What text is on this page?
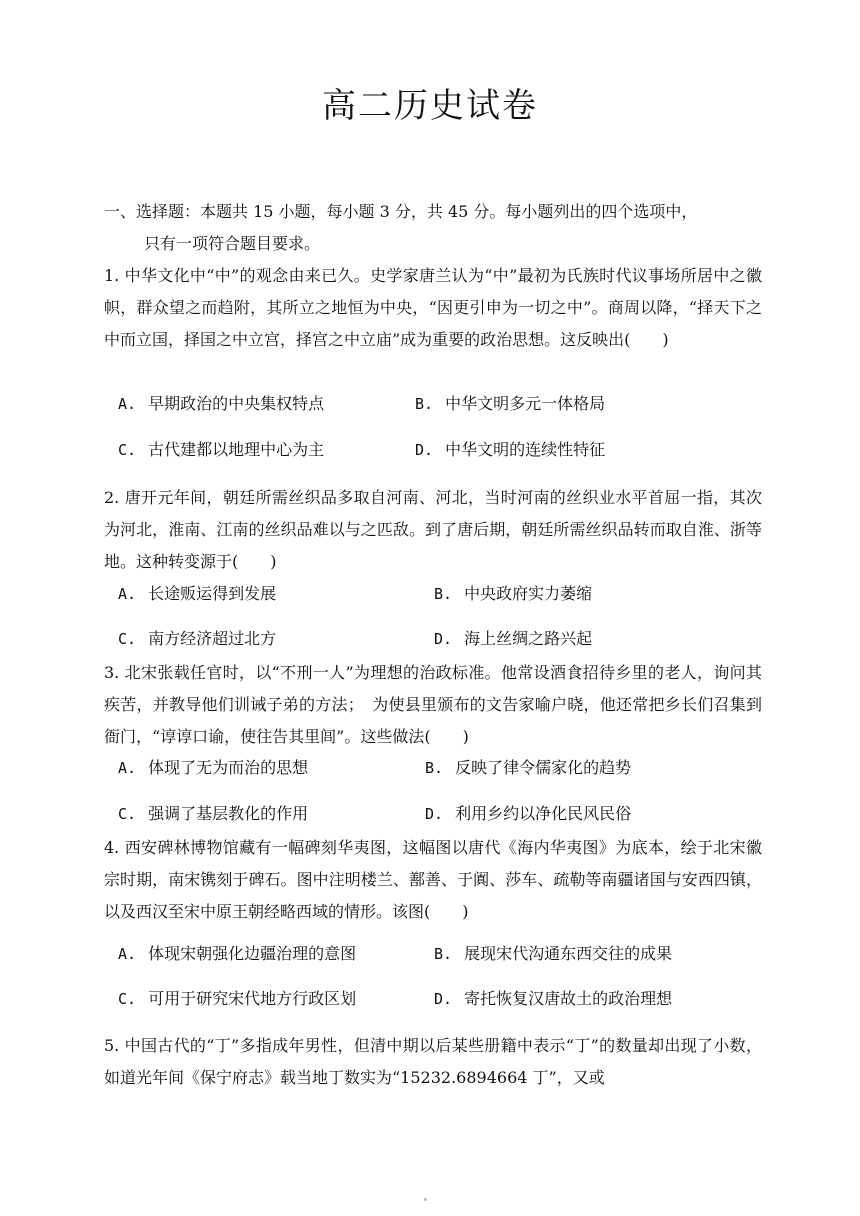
高二历史试卷
一、选择题：本题共 15 小题，每小题 3 分，共 45 分。每小题列出的四个选项中，
只有一项符合题目要求。
1. 中华文化中“中”的观念由来已久。史学家唐兰认为“中”最初为氏族时代议事场所居中之徽帜，群众望之而趋附，其所立之地恒为中央，“因更引申为一切之中”。商周以降，“择天下之中而立国，择国之中立宫，择宫之中立庙”成为重要的政治思想。这反映出(　　)
A. 早期政治的中央集权特点	B. 中华文明多元一体格局
C. 古代建都以地理中心为主	D. 中华文明的连续性特征
2. 唐开元年间，朝廷所需丝织品多取自河南、河北，当时河南的丝织业水平首屈一指，其次为河北，淮南、江南的丝织品难以与之匹敌。到了唐后期，朝廷所需丝织品转而取自淮、浙等地。这种转变源于(　　)
A. 长途贩运得到发展	B. 中央政府实力萎缩
C. 南方经济超过北方	D. 海上丝绸之路兴起
3. 北宋张载任官时，以“不刑一人”为理想的治政标准。他常设酒食招待乡里的老人，询问其疾苦，并教导他们训诫子弟的方法；　为使县里颁布的文告家喻户晓，他还常把乡长们召集到衙门，“谆谆口谕，使往告其里闾”。这些做法(　　)
A. 体现了无为而治的思想	B. 反映了律令儒家化的趋势
C. 强调了基层教化的作用	D. 利用乡约以净化民风民俗
4. 西安碑林博物馆藏有一幅碑刻华夷图，这幅图以唐代《海内华夷图》为底本，绘于北宋徽宗时期，南宋镌刻于碑石。图中注明楼兰、鄯善、于阗、莎车、疏勒等南疆诸国与安西四镇，以及西汉至宋中原王朝经略西域的情形。该图(　　)
A. 体现宋朝强化边疆治理的意图	B. 展现宋代沟通东西交往的成果
C. 可用于研究宋代地方行政区划	D. 寄托恢复汉唐故土的政治理想
5. 中国古代的“丁”多指成年男性，但清中期以后某些册籍中表示“丁”的数量却出现了小数，如道光年间《保宁府志》载当地丁数实为“15232.6894664 丁”，又或
